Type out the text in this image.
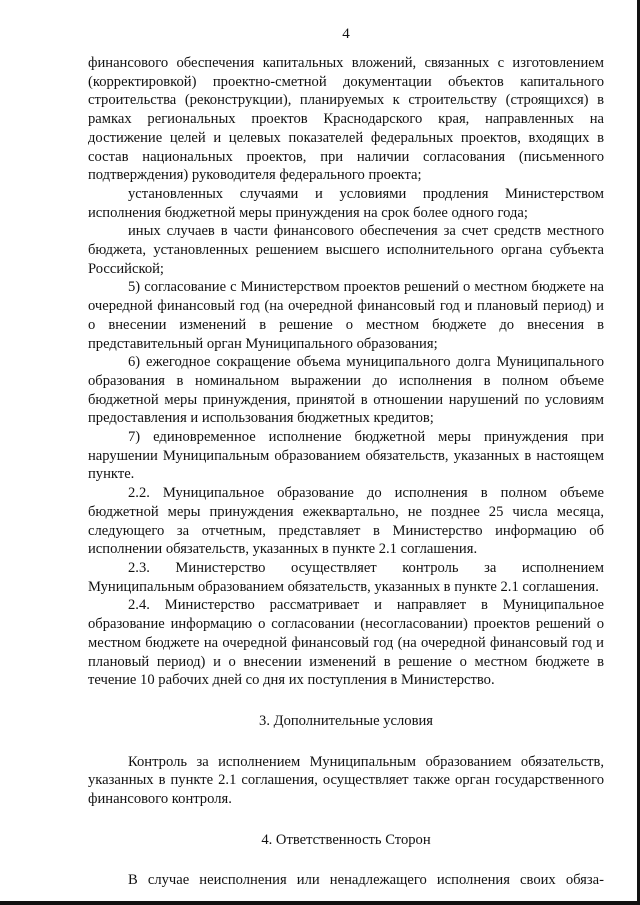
4

финансового обеспечения капитальных вложений, связанных с изготовлением (корректировкой) проектно-сметной документации объектов капитального строительства (реконструкции), планируемых к строительству (строящихся) в рамках региональных проектов Краснодарского края, направленных на достижение целей и целевых показателей федеральных проектов, входящих в состав национальных проектов, при наличии согласования (письменного подтверждения) руководителя федерального проекта;

установленных случаями и условиями продления Министерством исполнения бюджетной меры принуждения на срок более одного года;

иных случаев в части финансового обеспечения за счет средств местного бюджета, установленных решением высшего исполнительного органа субъекта Российской;

5) согласование с Министерством проектов решений о местном бюджете на очередной финансовый год (на очередной финансовый год и плановый период) и о внесении изменений в решение о местном бюджете до внесения в представительный орган Муниципального образования;

6) ежегодное сокращение объема муниципального долга Муниципального образования в номинальном выражении до исполнения в полном объеме бюджетной меры принуждения, принятой в отношении нарушений по условиям предоставления и использования бюджетных кредитов;

7) единовременное исполнение бюджетной меры принуждения при нарушении Муниципальным образованием обязательств, указанных в настоящем пункте.

2.2. Муниципальное образование до исполнения в полном объеме бюджетной меры принуждения ежеквартально, не позднее 25 числа месяца, следующего за отчетным, представляет в Министерство информацию об исполнении обязательств, указанных в пункте 2.1 соглашения.

2.3. Министерство осуществляет контроль за исполнением Муниципальным образованием обязательств, указанных в пункте 2.1 соглашения.

2.4. Министерство рассматривает и направляет в Муниципальное образование информацию о согласовании (несогласовании) проектов решений о местном бюджете на очередной финансовый год (на очередной финансовый год и плановый период) и о внесении изменений в решение о местном бюджете в течение 10 рабочих дней со дня их поступления в Министерство.

3. Дополнительные условия

Контроль за исполнением Муниципальным образованием обязательств, указанных в пункте 2.1 соглашения, осуществляет также орган государственного финансового контроля.

4. Ответственность Сторон

В случае неисполнения или ненадлежащего исполнения своих обяза-
